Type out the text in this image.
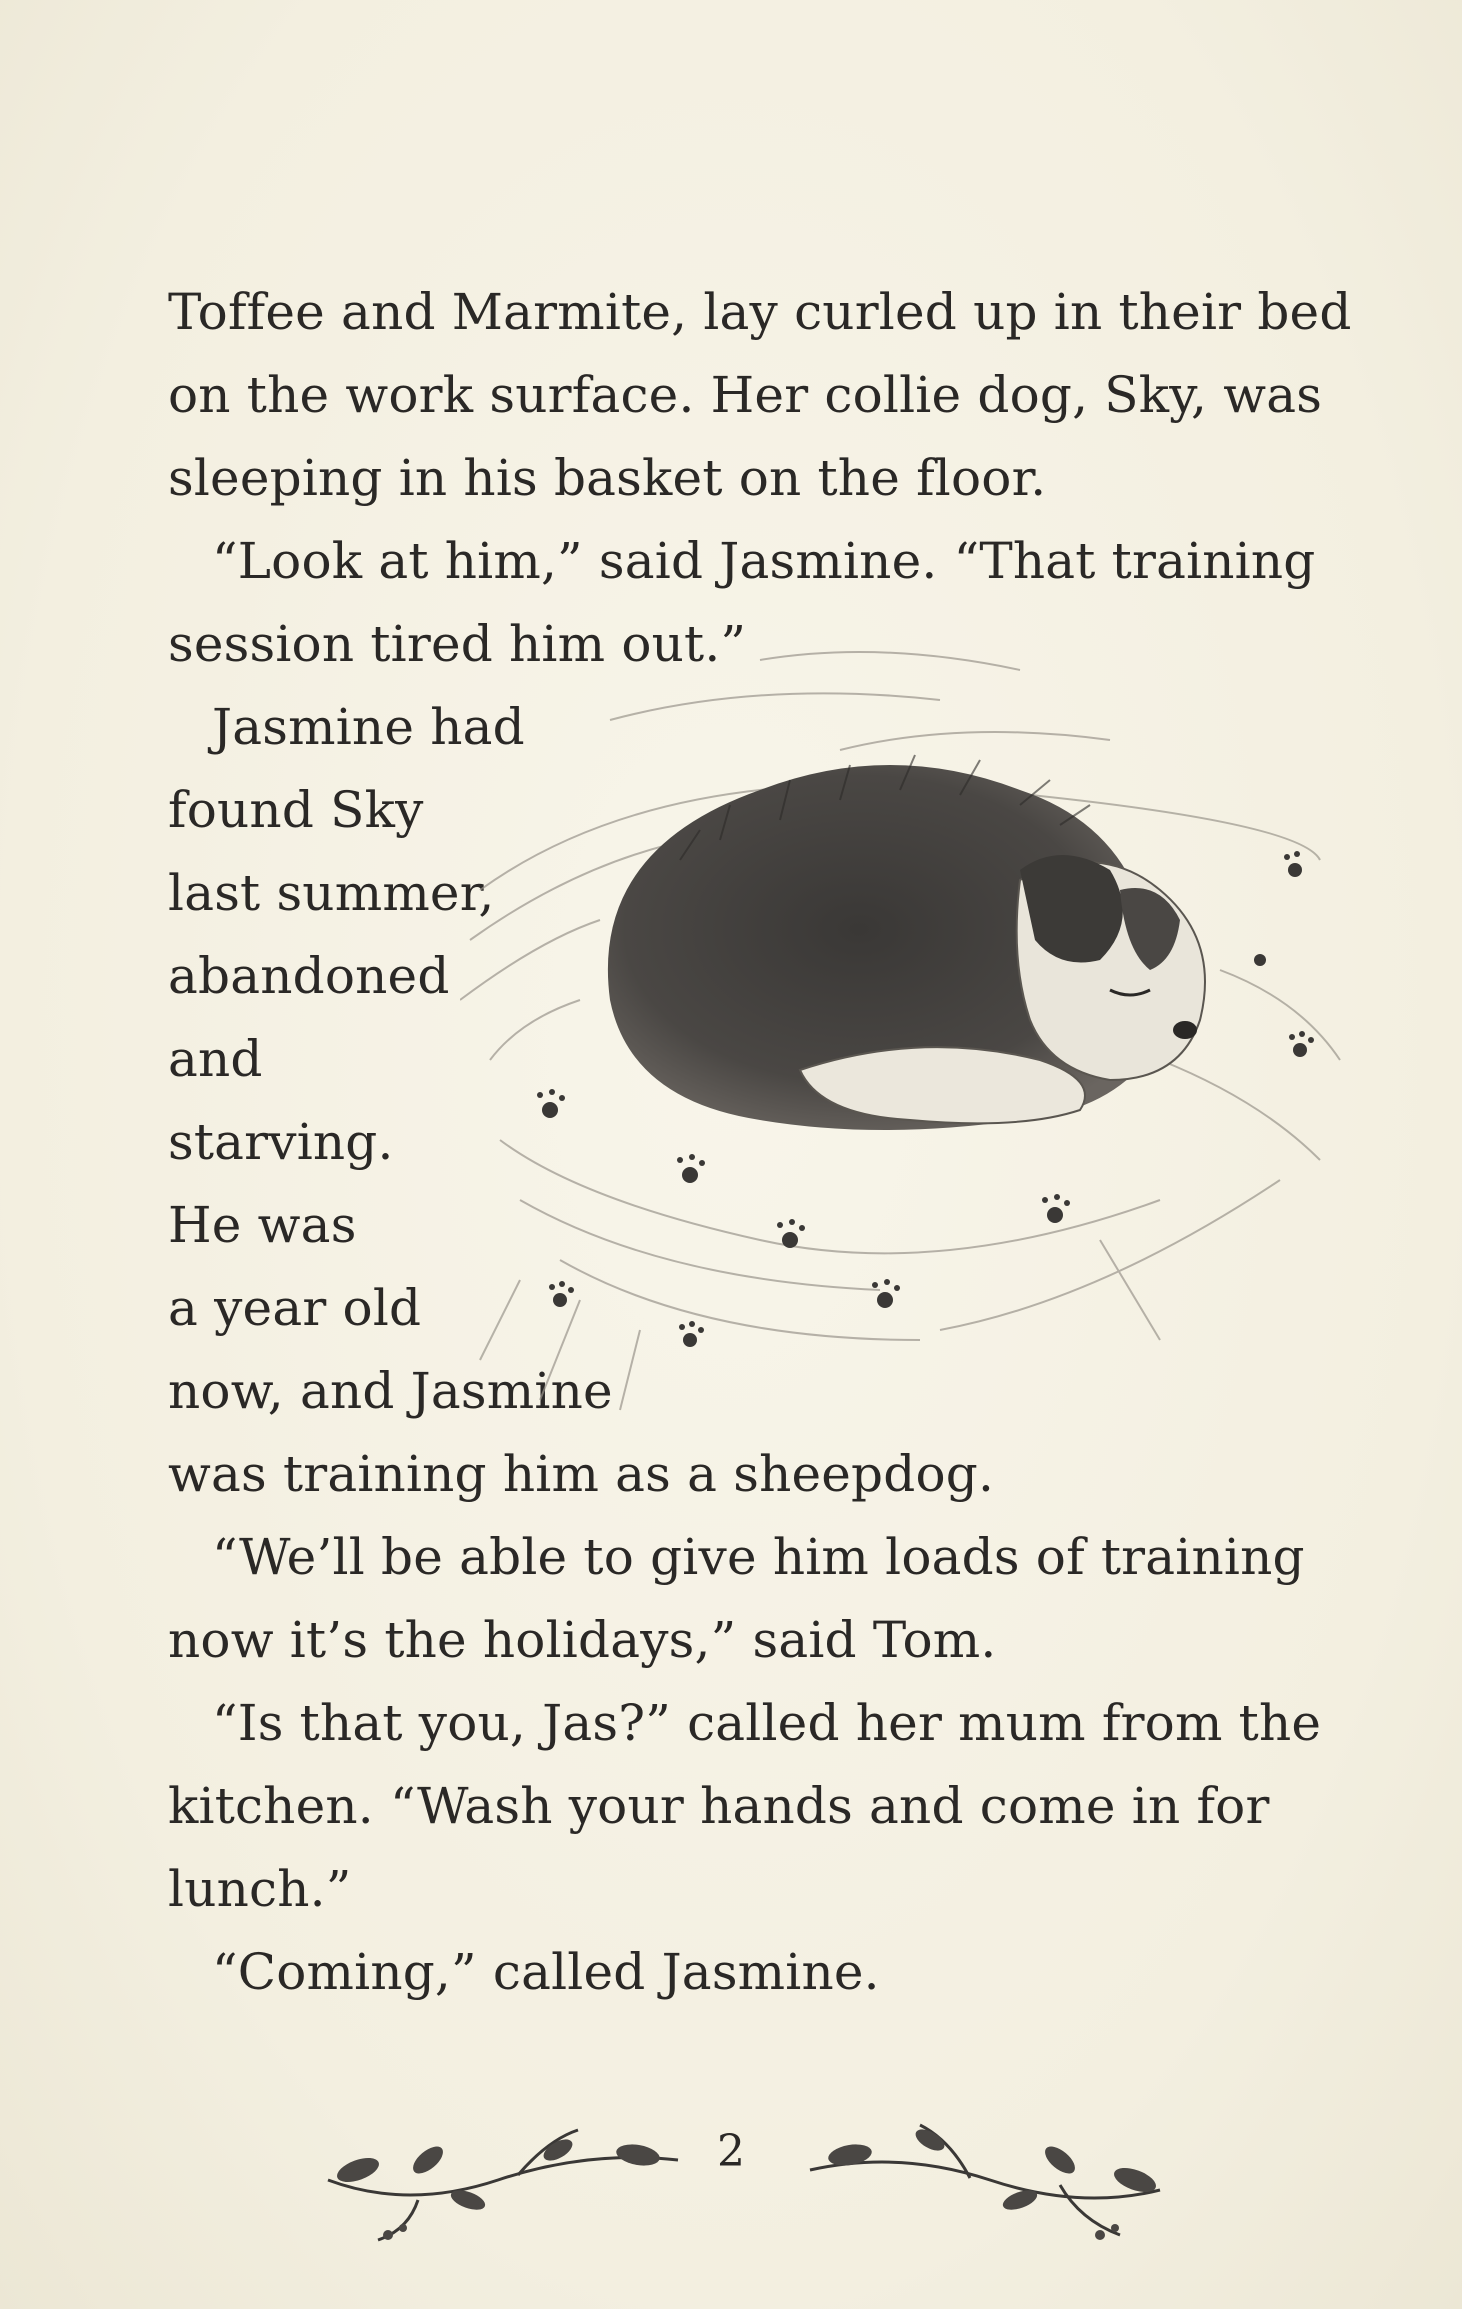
Toffee and Marmite, lay curled up in their bed
on the work surface. Her collie dog, Sky, was
sleeping in his basket on the floor.
“Look at him,” said Jasmine. “That training
session tired him out.”
Jasmine had
found Sky
last summer,
abandoned
and
starving.
He was
a year old
now, and Jasmine
was training him as a sheepdog.
“We’ll be able to give him loads of training
now it’s the holidays,” said Tom.
“Is that you, Jas?” called her mum from the
kitchen. “Wash your hands and come in for
lunch.”
“Coming,” called Jasmine.
2
